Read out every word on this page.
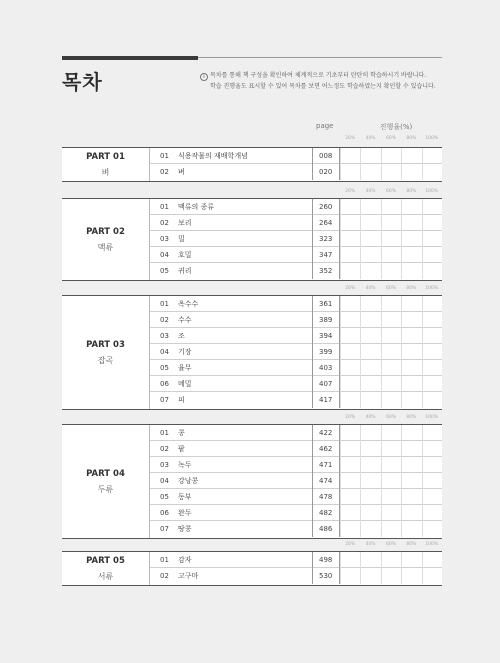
목차	i 목차를 통해 책 구성을 확인하여 체계적으로 기초부터 탄탄히 학습하시기 바랍니다.
학습 진행율도 표시할 수 있어 목차를 보면 어느정도 학습하였는지 확인할 수 있습니다.
page	진행율(%)
20%	40%	60%	80%	100%
PART 01
벼
01	식용작물의 재배학개념	008
02	벼	020
20%	40%	60%	80%	100%
PART 02
맥류
01	맥류의 종류	260
02	보리	264
03	밀	323
04	호밀	347
05	귀리	352
20%	40%	60%	80%	100%
PART 03
잡곡
01	옥수수	361
02	수수	389
03	조	394
04	기장	399
05	율무	403
06	메밀	407
07	피	417
20%	40%	60%	80%	100%
PART 04
두류
01	콩	422
02	팥	462
03	녹두	471
04	강낭콩	474
05	동부	478
06	완두	482
07	땅콩	486
20%	40%	60%	80%	100%
PART 05
서류
01	감자	498
02	고구마	530
